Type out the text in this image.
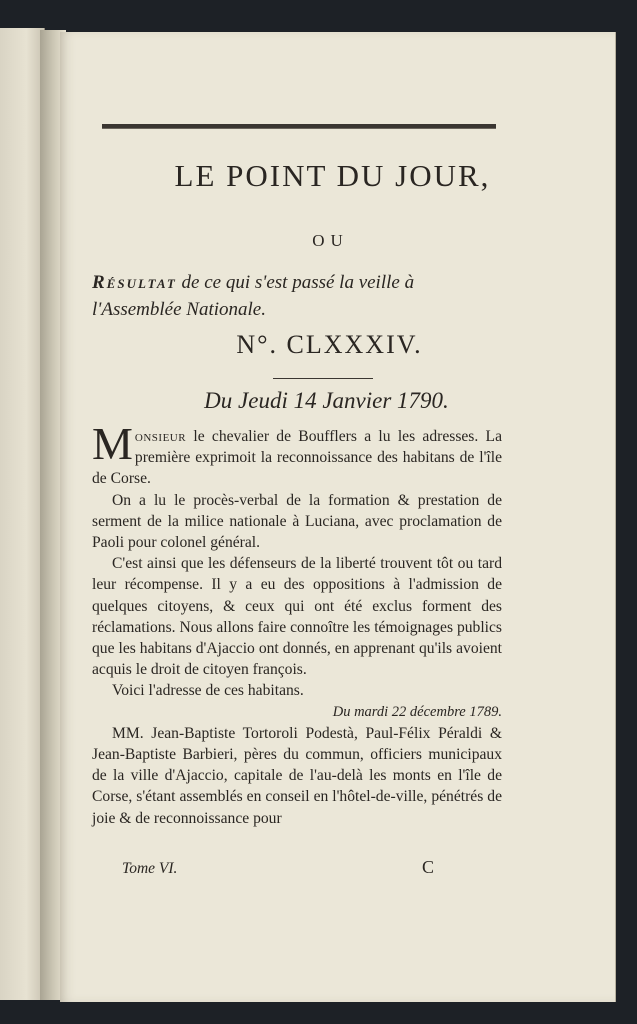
LE POINT DU JOUR,
OU
Résultat de ce qui s'est passé la veille à
l'Assemblée Nationale.
N°. CLXXXIV.
Du Jeudi 14 Janvier 1790.

Monsieur le chevalier de Boufflers a lu les adresses. La première exprimoit la reconnoissance des habitans de l'île de Corse.

On a lu le procès-verbal de la formation & prestation de serment de la milice nationale à Luciana, avec proclamation de Paoli pour colonel général.

C'est ainsi que les défenseurs de la liberté trouvent tôt ou tard leur récompense. Il y a eu des oppositions à l'admission de quelques citoyens, & ceux qui ont été exclus forment des réclamations. Nous allons faire connoître les témoignages publics que les habitans d'Ajaccio ont donnés, en apprenant qu'ils avoient acquis le droit de citoyen françois.

Voici l'adresse de ces habitans.

Du mardi 22 décembre 1789.

MM. Jean-Baptiste Tortoroli Podestà, Paul-Félix Péraldi & Jean-Baptiste Barbieri, pères du commun, officiers municipaux de la ville d'Ajaccio, capitale de l'au-delà les monts en l'île de Corse, s'étant assemblés en conseil en l'hôtel-de-ville, pénétrés de joie & de reconnoissance pour

Tome VI.	C
